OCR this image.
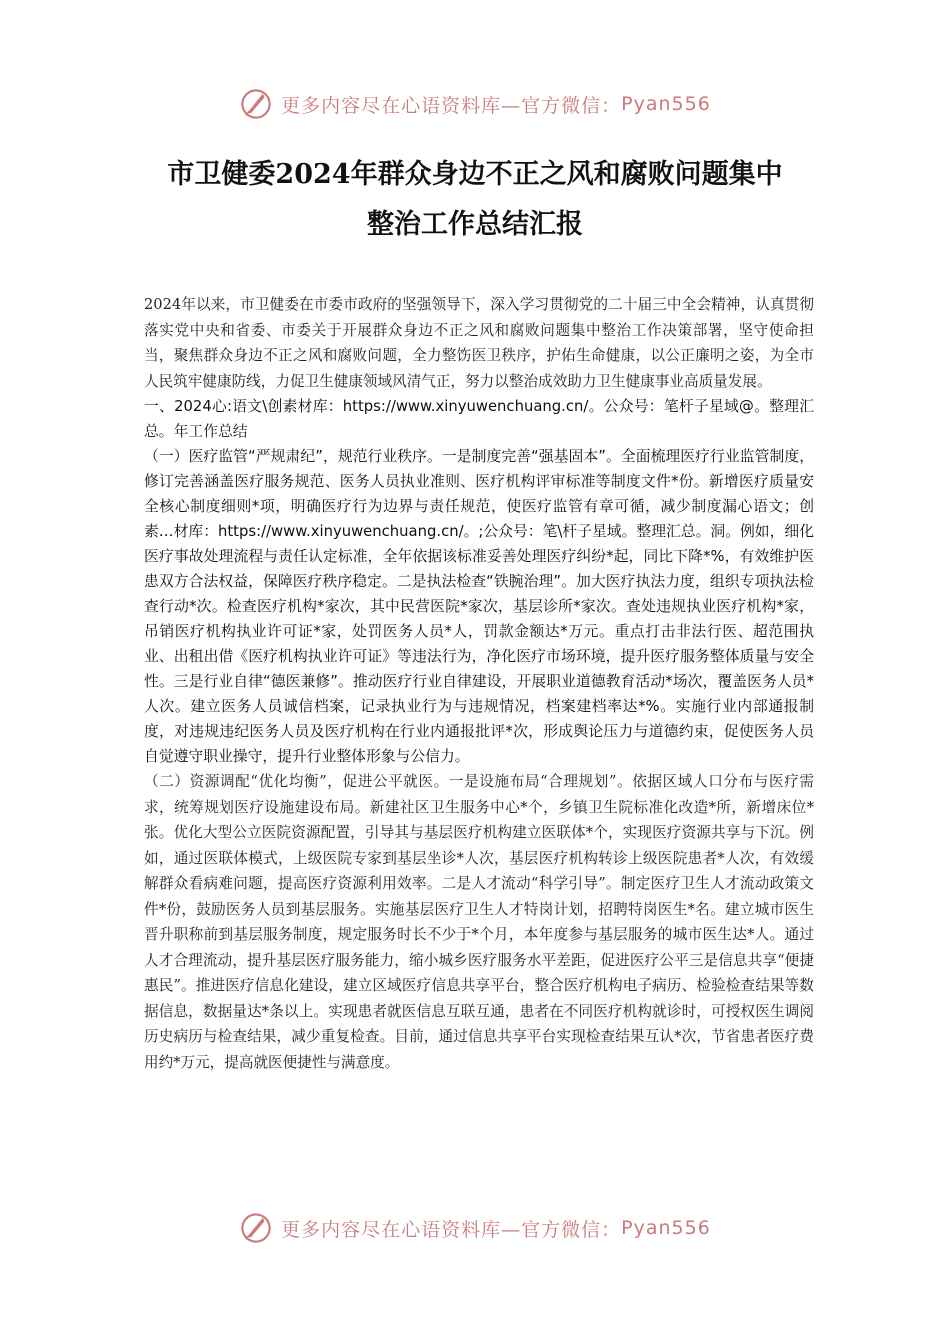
更多内容尽在心语资料库—官方微信： Pyan556
市卫健委2024年群众身边不正之风和腐败问题集中
整治工作总结汇报

2024年以来，市卫健委在市委市政府的坚强领导下，深入学习贯彻党的二十届三中全会精神，认真贯彻落实党中央和省委、市委关于开展群众身边不正之风和腐败问题集中整治工作决策部署，坚守使命担当，聚焦群众身边不正之风和腐败问题，全力整饬医卫秩序，护佑生命健康，以公正廉明之姿，为全市人民筑牢健康防线，力促卫生健康领域风清气正，努力以整治成效助力卫生健康事业高质量发展。

一、2024心:语文\创素材库：https://www.xinyuwenchuang.cn/。公众号：笔杆子星域@。整理汇总。年工作总结

（一）医疗监管“严规肃纪”，规范行业秩序。一是制度完善“强基固本”。全面梳理医疗行业监管制度，修订完善涵盖医疗服务规范、医务人员执业准则、医疗机构评审标准等制度文件*份。新增医疗质量安全核心制度细则*项，明确医疗行为边界与责任规范，使医疗监管有章可循，减少制度漏心语文；创素…材库：https://www.xinyuwenchuang.cn/。;公众号：笔\杆子星域。整理汇总。洞。例如，细化医疗事故处理流程与责任认定标准，全年依据该标准妥善处理医疗纠纷*起，同比下降*%，有效维护医患双方合法权益，保障医疗秩序稳定。二是执法检查“铁腕治理”。加大医疗执法力度，组织专项执法检查行动*次。检查医疗机构*家次，其中民营医院*家次，基层诊所*家次。查处违规执业医疗机构*家，吊销医疗机构执业许可证*家，处罚医务人员*人，罚款金额达*万元。重点打击非法行医、超范围执业、出租出借《医疗机构执业许可证》等违法行为，净化医疗市场环境，提升医疗服务整体质量与安全性。三是行业自律“德医兼修”。推动医疗行业自律建设，开展职业道德教育活动*场次，覆盖医务人员*人次。建立医务人员诚信档案，记录执业行为与违规情况，档案建档率达*%。实施行业内部通报制度，对违规违纪医务人员及医疗机构在行业内通报批评*次，形成舆论压力与道德约束，促使医务人员自觉遵守职业操守，提升行业整体形象与公信力。

（二）资源调配“优化均衡”，促进公平就医。一是设施布局“合理规划”。依据区域人口分布与医疗需求，统筹规划医疗设施建设布局。新建社区卫生服务中心*个，乡镇卫生院标准化改造*所，新增床位*张。优化大型公立医院资源配置，引导其与基层医疗机构建立医联体*个，实现医疗资源共享与下沉。例如，通过医联体模式，上级医院专家到基层坐诊*人次，基层医疗机构转诊上级医院患者*人次，有效缓解群众看病难问题，提高医疗资源利用效率。二是人才流动“科学引导”。制定医疗卫生人才流动政策文件*份，鼓励医务人员到基层服务。实施基层医疗卫生人才特岗计划，招聘特岗医生*名。建立城市医生晋升职称前到基层服务制度，规定服务时长不少于*个月，本年度参与基层服务的城市医生达*人。通过人才合理流动，提升基层医疗服务能力，缩小城乡医疗服务水平差距，促进医疗公平三是信息共享“便捷惠民”。推进医疗信息化建设，建立区域医疗信息共享平台，整合医疗机构电子病历、检验检查结果等数据信息，数据量达*条以上。实现患者就医信息互联互通，患者在不同医疗机构就诊时，可授权医生调阅历史病历与检查结果，减少重复检查。目前，通过信息共享平台实现检查结果互认*次，节省患者医疗费用约*万元，提高就医便捷性与满意度。

更多内容尽在心语资料库—官方微信： Pyan556
